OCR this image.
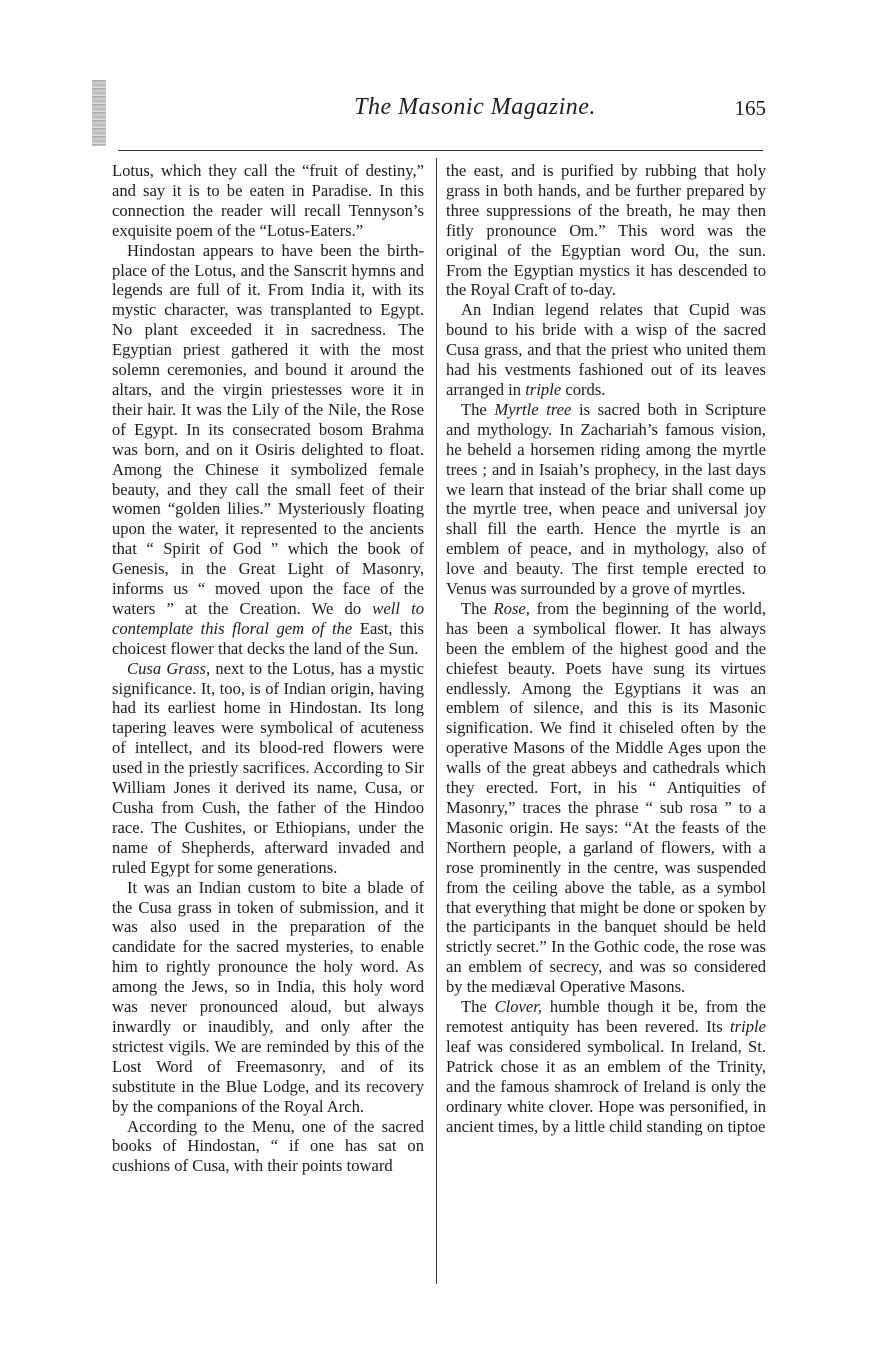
The Masonic Magazine.	165

Lotus, which they call the “fruit of destiny,” and say it is to be eaten in Paradise. In this connection the reader will recall Tennyson’s exquisite poem of the “Lotus-Eaters.”

Hindostan appears to have been the birth-place of the Lotus, and the Sanscrit hymns and legends are full of it. From India it, with its mystic character, was transplanted to Egypt. No plant exceeded it in sacredness. The Egyptian priest gathered it with the most solemn ceremonies, and bound it around the altars, and the virgin priestesses wore it in their hair. It was the Lily of the Nile, the Rose of Egypt. In its consecrated bosom Brahma was born, and on it Osiris delighted to float. Among the Chinese it symbolized female beauty, and they call the small feet of their women “golden lilies.” Mysteriously floating upon the water, it represented to the ancients that “ Spirit of God ” which the book of Genesis, in the Great Light of Masonry, informs us “ moved upon the face of the waters ” at the Creation. We do well to contemplate this floral gem of the East, this choicest flower that decks the land of the Sun.

Cusa Grass, next to the Lotus, has a mystic significance. It, too, is of Indian origin, having had its earliest home in Hindostan. Its long tapering leaves were symbolical of acuteness of intellect, and its blood-red flowers were used in the priestly sacrifices. According to Sir William Jones it derived its name, Cusa, or Cusha from Cush, the father of the Hindoo race. The Cushites, or Ethiopians, under the name of Shepherds, afterward invaded and ruled Egypt for some generations.

It was an Indian custom to bite a blade of the Cusa grass in token of submission, and it was also used in the preparation of the candidate for the sacred mysteries, to enable him to rightly pronounce the holy word. As among the Jews, so in India, this holy word was never pronounced aloud, but always inwardly or inaudibly, and only after the strictest vigils. We are reminded by this of the Lost Word of Freemasonry, and of its substitute in the Blue Lodge, and its recovery by the companions of the Royal Arch.

According to the Menu, one of the sacred books of Hindostan, “ if one has sat on cushions of Cusa, with their points toward

the east, and is purified by rubbing that holy grass in both hands, and be further prepared by three suppressions of the breath, he may then fitly pronounce Om.” This word was the original of the Egyptian word Ou, the sun. From the Egyptian mystics it has descended to the Royal Craft of to-day.

An Indian legend relates that Cupid was bound to his bride with a wisp of the sacred Cusa grass, and that the priest who united them had his vestments fashioned out of its leaves arranged in triple cords.

The Myrtle tree is sacred both in Scripture and mythology. In Zachariah’s famous vision, he beheld a horsemen riding among the myrtle trees ; and in Isaiah’s prophecy, in the last days we learn that instead of the briar shall come up the myrtle tree, when peace and universal joy shall fill the earth. Hence the myrtle is an emblem of peace, and in mythology, also of love and beauty. The first temple erected to Venus was surrounded by a grove of myrtles.

The Rose, from the beginning of the world, has been a symbolical flower. It has always been the emblem of the highest good and the chiefest beauty. Poets have sung its virtues endlessly. Among the Egyptians it was an emblem of silence, and this is its Masonic signification. We find it chiseled often by the operative Masons of the Middle Ages upon the walls of the great abbeys and cathedrals which they erected. Fort, in his “ Antiquities of Masonry,” traces the phrase “ sub rosa ” to a Masonic origin. He says: “At the feasts of the Northern people, a garland of flowers, with a rose prominently in the centre, was suspended from the ceiling above the table, as a symbol that everything that might be done or spoken by the participants in the banquet should be held strictly secret.” In the Gothic code, the rose was an emblem of secrecy, and was so considered by the mediæval Operative Masons.

The Clover, humble though it be, from the remotest antiquity has been revered. Its triple leaf was considered symbolical. In Ireland, St. Patrick chose it as an emblem of the Trinity, and the famous shamrock of Ireland is only the ordinary white clover. Hope was personified, in ancient times, by a little child standing on tiptoe
